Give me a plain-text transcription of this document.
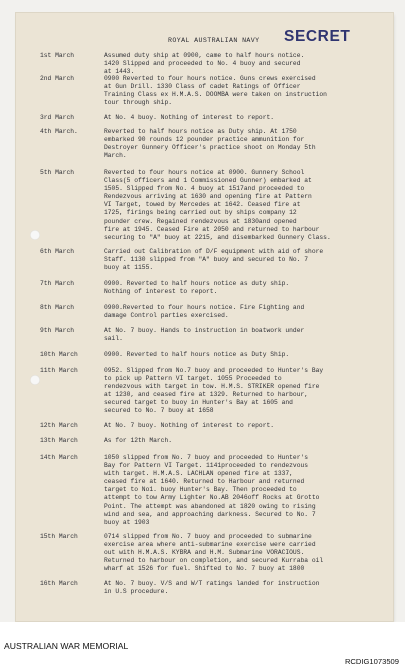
ROYAL AUSTRALIAN NAVY SECRET
1st March	Assumed duty ship at 0900, came to half hours notice.
1420 Slipped and proceeded to No. 4 buoy and secured
at 1443.
2nd March	0900 Reverted to four hours notice. Guns crews exercised
at Gun Drill. 1330 Class of cadet Ratings of Officer
Training Class ex H.M.A.S. DOOMBA were taken on instruction
tour through ship.
3rd March	At No. 4 buoy. Nothing of interest to report.
4th March.	Reverted to half hours notice as Duty ship. At 1750
embarked 90 rounds 12 pounder practice ammunition for
Destroyer Gunnery Officer's practice shoot on Monday 5th
March.
5th March	Reverted to four hours notice at 0900. Gunnery School
Class(5 officers and 1 Commissioned Gunner) embarked at
1505. Slipped from No. 4 buoy at 1517and proceeded to
Rendezvous arriving at 1630 and opening fire at Pattern
VI Target, towed by Mercedes at 1642. Ceased fire at
1725, firings being carried out by ships company 12
pounder crew. Regained rendezvous at 1830and opened
fire at 1945. Ceased Fire at 2050 and returned to harbour
securing to "A" buoy at 2215, and disembarked Gunnery Class.
6th March	Carried out Calibration of D/F equipment with aid of shore
Staff. 1130 slipped from "A" buoy and secured to No. 7
buoy at 1155.
7th March	0900. Reverted to half hours notice as duty ship.
Nothing of interest to report.
8th March	0900.Reverted to four hours notice. Fire Fighting and
damage Control parties exercised.
9th March	At No. 7 buoy. Hands to instruction in boatwork under
sail.
10th March	0900. Reverted to half hours notice as Duty Ship.
11th March	0952. Slipped from No.7 buoy and proceeded to Hunter's Bay
to pick up Pattern VI target. 1055 Proceeded to
rendezvous with target in tow. H.M.S. STRIKER opened fire
at 1230, and ceased fire at 1329. Returned to harbour,
secured target to buoy in Hunter's Bay at 1605 and
secured to No. 7 buoy at 1658
12th March	At No. 7 buoy. Nothing of interest to report.
13th March	As for 12th March.
14th March	1050 slipped from No. 7 buoy and proceeded to Hunter's
Bay for Pattern VI Target. 1141proceeded to rendezvous
with target. H.M.A.S. LACHLAN opened fire at 1337,
ceased fire at 1640. Returned to Harbour and returned
target to No1. buoy Hunter's Bay. Then proceeded to
attempt to tow Army Lighter No.AB 2046off Rocks at Grotto
Point. The attempt was abandoned at 1820 owing to rising
wind and sea, and approaching darkness. Secured to No. 7
buoy at 1903
15th March	0714 slipped from No. 7 buoy and proceeded to submarine
exercise area where anti-submarine exercise were carried
out with H.M.A.S. KYBRA and H.M. Submarine VORACIOUS.
Returned to harbour on completion, and secured Kurraba oil
wharf at 1526 for fuel. Shifted to No. 7 buoy at 1800
16th March	At No. 7 buoy. V/S and W/T ratings landed for instruction
in U.S procedure.
AUSTRALIAN WAR MEMORIAL
RCDIG1073509
